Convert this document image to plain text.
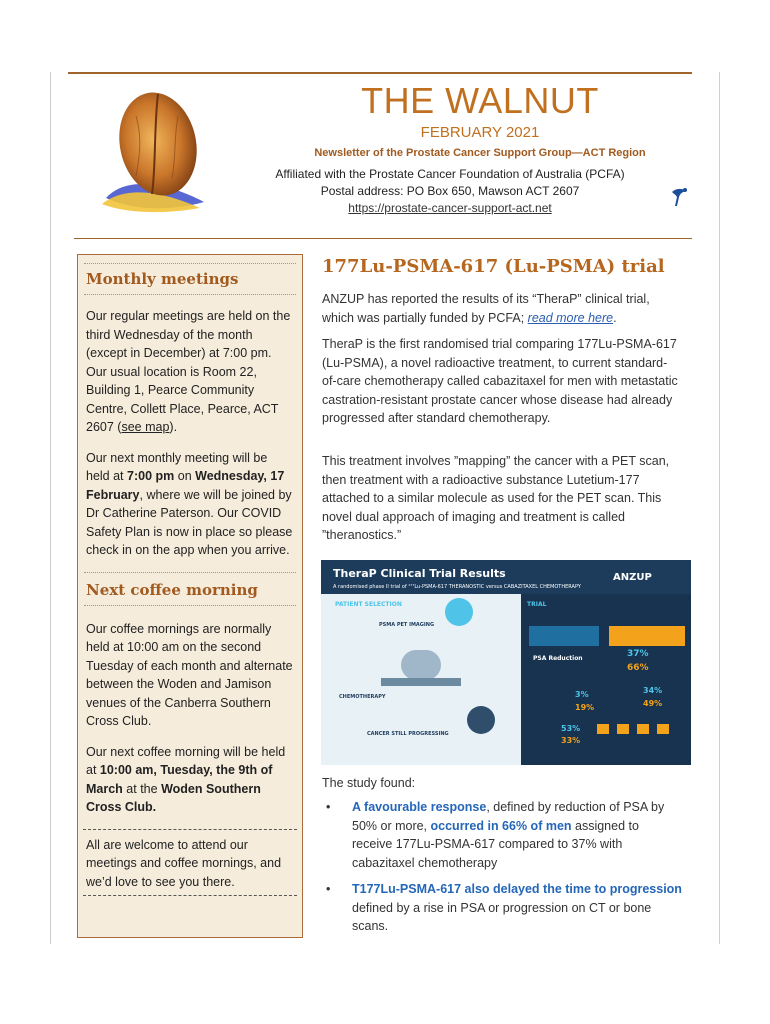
THE WALNUT
FEBRUARY 2021
Newsletter of the Prostate Cancer Support Group—ACT Region
Affiliated with the Prostate Cancer Foundation of Australia (PCFA)
Postal address: PO Box 650, Mawson ACT 2607
https://prostate-cancer-support-act.net
Monthly meetings

Our regular meetings are held on the third Wednesday of the month (except in December) at 7:00 pm. Our usual location is Room 22, Building 1, Pearce Community Centre, Collett Place, Pearce, ACT 2607 (see map).

Our next monthly meeting will be held at 7:00 pm on Wednesday, 17 February, where we will be joined by Dr Catherine Paterson. Our COVID Safety Plan is now in place so please check in on the app when you arrive.

Next coffee morning

Our coffee mornings are normally held at 10:00 am on the second Tuesday of each month and alternate between the Woden and Jamison venues of the Canberra Southern Cross Club.

Our next coffee morning will be held at 10:00 am, Tuesday, the 9th of March at the Woden Southern Cross Club.

All are welcome to attend our meetings and coffee mornings, and we’d love to see you there.

177Lu-PSMA-617 (Lu-PSMA) trial

ANZUP has reported the results of its “TheraP” clinical trial, which was partially funded by PCFA; read more here.

TheraP is the first randomised trial comparing 177Lu-PSMA-617 (Lu-PSMA), a novel radioactive treatment, to current standard-of-care chemotherapy called cabazitaxel for men with metastatic castration-resistant prostate cancer whose disease had already progressed after standard chemotherapy.

This treatment involves ”mapping” the cancer with a PET scan, then treatment with a radioactive substance Lutetium-177 attached to a similar molecule as used for the PET scan. This novel dual approach of imaging and treatment is called ”theranostics.”

TheraP Clinical Trial Results
A randomised phase II trial of ¹⁷⁷Lu-PSMA-617 THERANOSTIC versus CABAZITAXEL CHEMOTHERAPY
ANZUP
PATIENT SELECTION	TRIAL
PSMA PET IMAGING
CHEMOTHERAPY
CANCER STILL PROGRESSING
PSA Reduction	37%
66%
3%
19%
34%
49%
53%
33%

The study found:

• A favourable response, defined by reduction of PSA by 50% or more, occurred in 66% of men assigned to receive 177Lu-PSMA-617 compared to 37% with cabazitaxel chemotherapy
• T177Lu-PSMA-617 also delayed the time to progression defined by a rise in PSA or progression on CT or bone scans.
